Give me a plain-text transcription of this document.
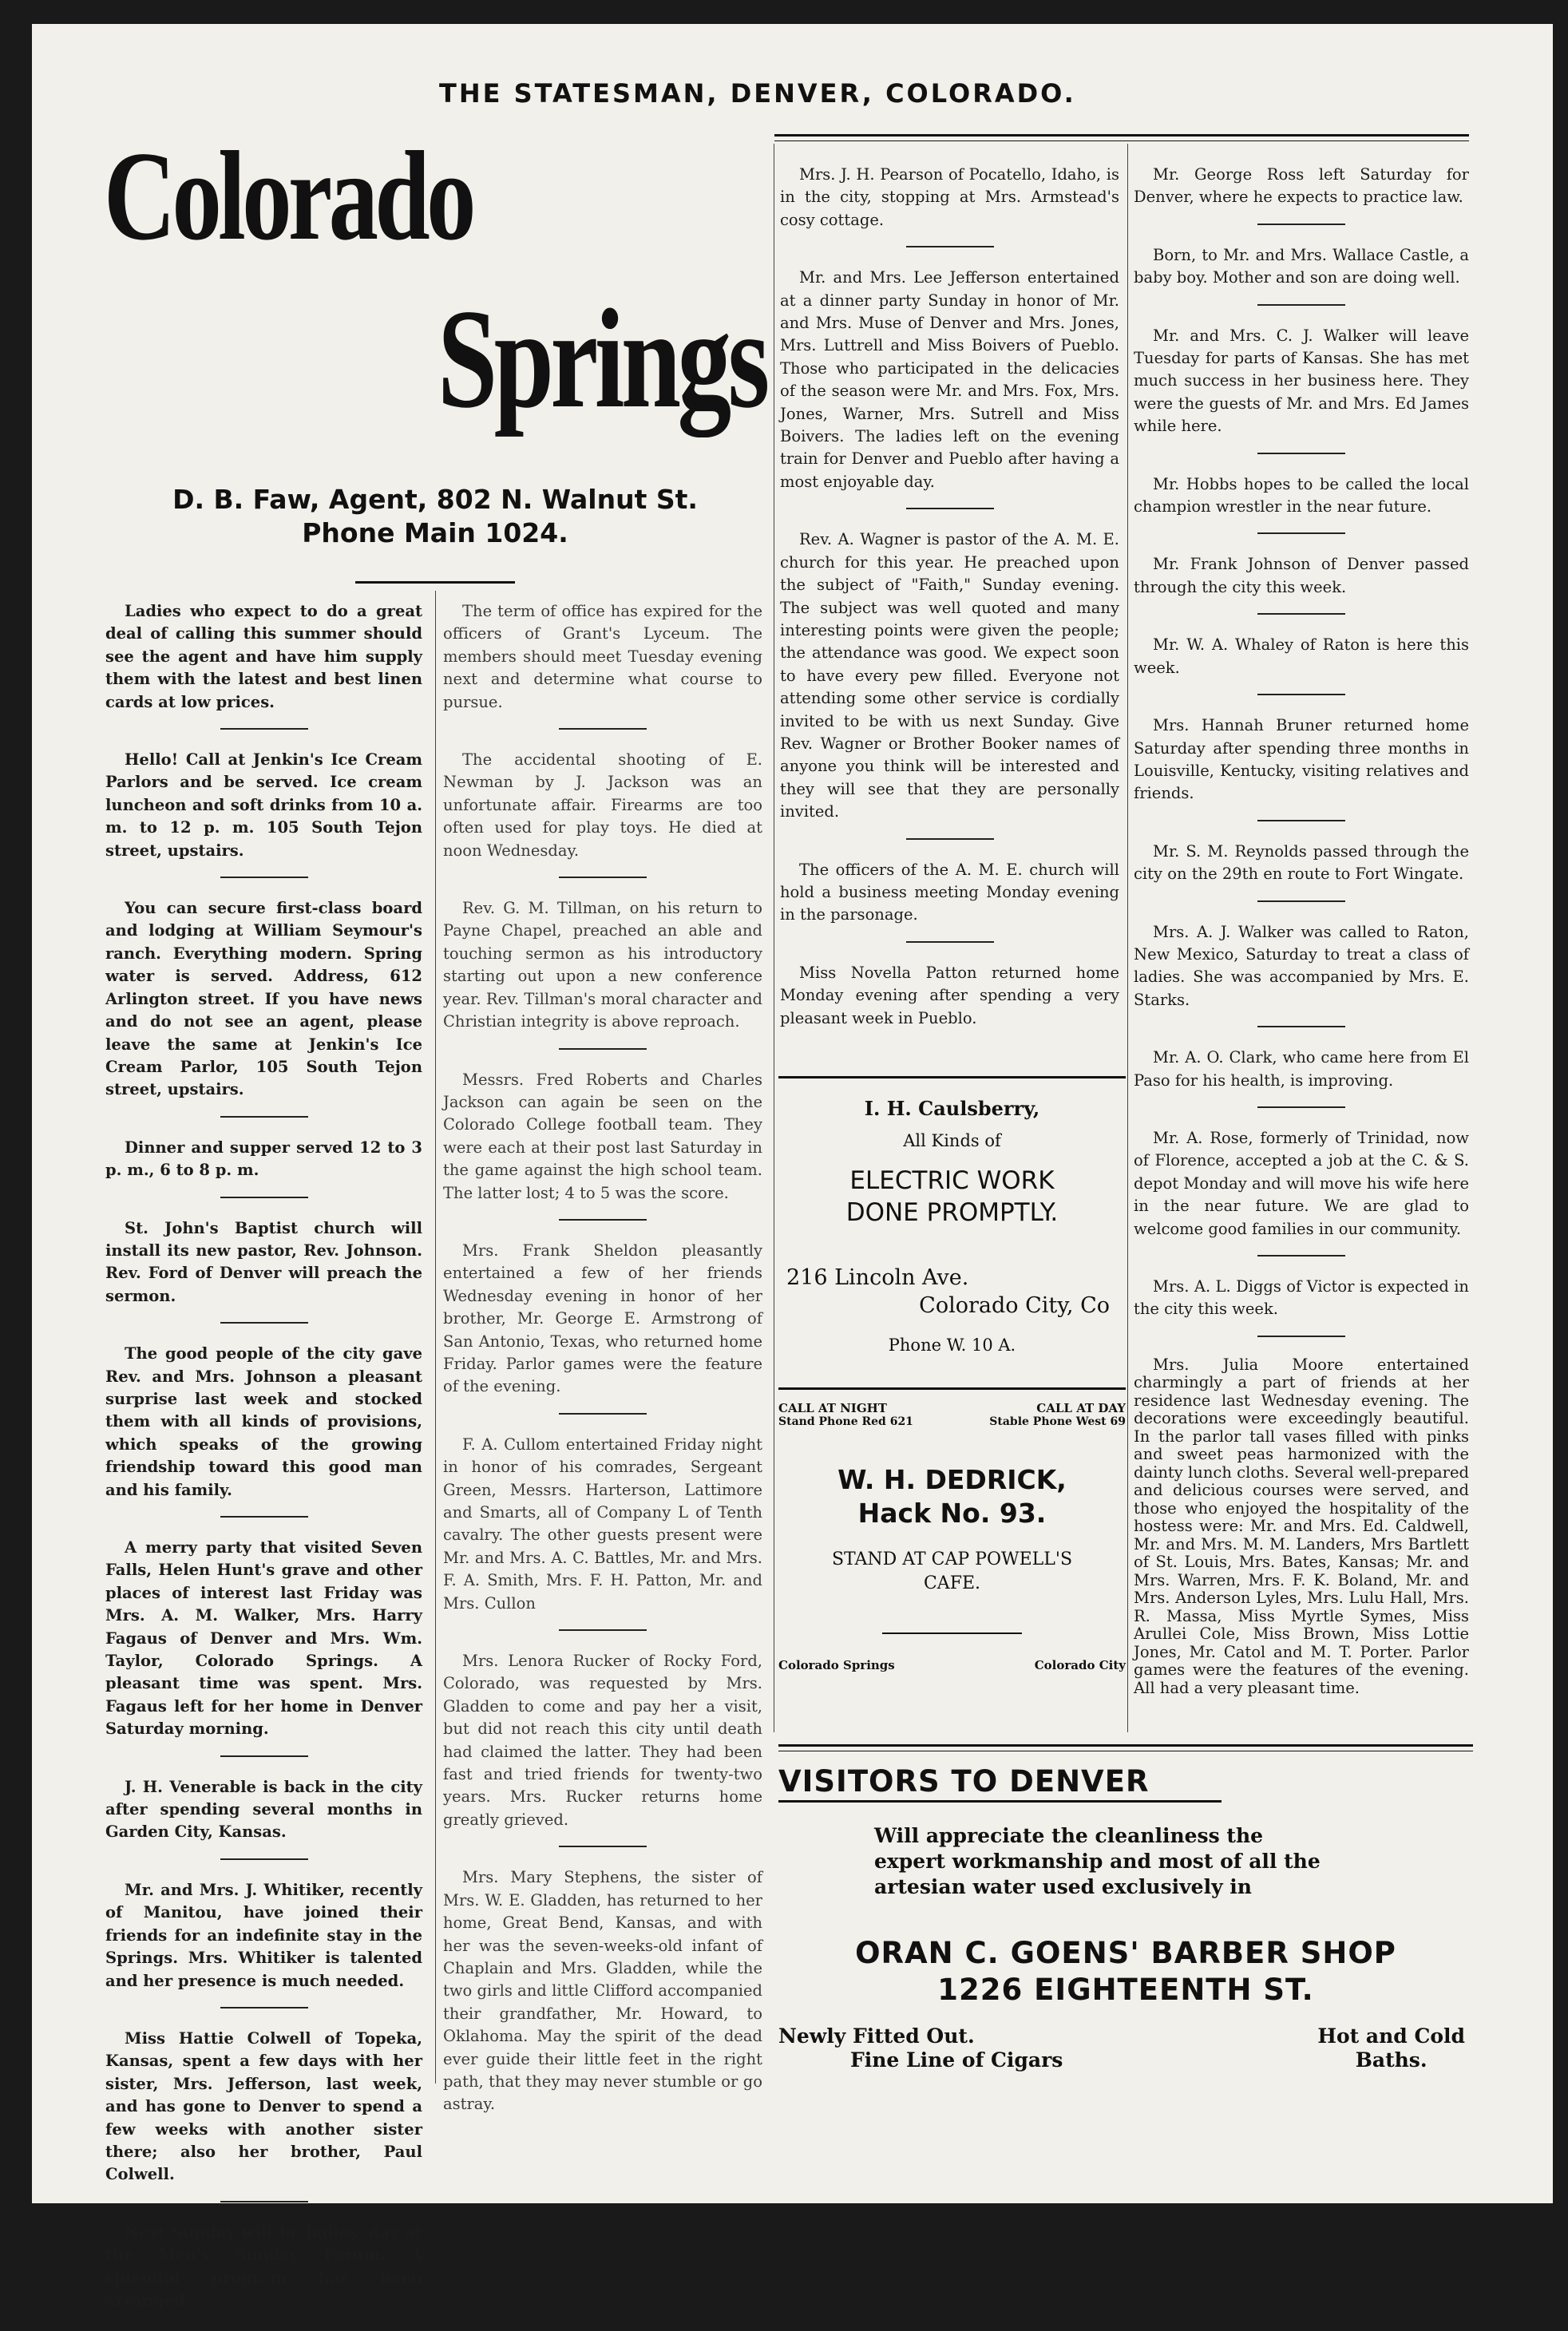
THE STATESMAN, DENVER, COLORADO.
Colorado
Springs
D. B. Faw, Agent, 802 N. Walnut St.
Phone Main 1024.

Ladies who expect to do a great deal of calling this summer should see the agent and have him supply them with the latest and best linen cards at low prices.

Hello! Call at Jenkin's Ice Cream Parlors and be served. Ice cream luncheon and soft drinks from 10 a. m. to 12 p. m. 105 South Tejon street, upstairs.

You can secure first-class board and lodging at William Seymour's ranch. Everything modern. Spring water is served. Address, 612 Arlington street. If you have news and do not see an agent, please leave the same at Jenkin's Ice Cream Parlor, 105 South Tejon street, upstairs.

Dinner and supper served 12 to 3 p. m., 6 to 8 p. m.

St. John's Baptist church will install its new pastor, Rev. Johnson. Rev. Ford of Denver will preach the sermon.

The good people of the city gave Rev. and Mrs. Johnson a pleasant surprise last week and stocked them with all kinds of provisions, which speaks of the growing friendship toward this good man and his family.

A merry party that visited Seven Falls, Helen Hunt's grave and other places of interest last Friday was Mrs. A. M. Walker, Mrs. Harry Fagaus of Denver and Mrs. Wm. Taylor, Colorado Springs. A pleasant time was spent. Mrs. Fagaus left for her home in Denver Saturday morning.

J. H. Venerable is back in the city after spending several months in Garden City, Kansas.

Mr. and Mrs. J. Whitiker, recently of Manitou, have joined their friends for an indefinite stay in the Springs. Mrs. Whitiker is talented and her presence is much needed.

Miss Hattie Colwell of Topeka, Kansas, spent a few days with her sister, Mrs. Jefferson, last week, and has gone to Denver to spend a few weeks with another sister there; also her brother, Paul Colwell.

Next Sunday will be ladies' day at the Men's Sunday Forum. A splendid program has been arranged.

The term of office has expired for the officers of Grant's Lyceum. The members should meet Tuesday evening next and determine what course to pursue.

The accidental shooting of E. Newman by J. Jackson was an unfortunate affair. Firearms are too often used for play toys. He died at noon Wednesday.

Rev. G. M. Tillman, on his return to Payne Chapel, preached an able and touching sermon as his introductory starting out upon a new conference year. Rev. Tillman's moral character and Christian integrity is above reproach.

Messrs. Fred Roberts and Charles Jackson can again be seen on the Colorado College football team. They were each at their post last Saturday in the game against the high school team. The latter lost; 4 to 5 was the score.

Mrs. Frank Sheldon pleasantly entertained a few of her friends Wednesday evening in honor of her brother, Mr. George E. Armstrong of San Antonio, Texas, who returned home Friday. Parlor games were the feature of the evening.

F. A. Cullom entertained Friday night in honor of his comrades, Sergeant Green, Messrs. Harterson, Lattimore and Smarts, all of Company L of Tenth cavalry. The other guests present were Mr. and Mrs. A. C. Battles, Mr. and Mrs. F. A. Smith, Mrs. F. H. Patton, Mr. and Mrs. Cullon

Mrs. Lenora Rucker of Rocky Ford, Colorado, was requested by Mrs. Gladden to come and pay her a visit, but did not reach this city until death had claimed the latter. They had been fast and tried friends for twenty-two years. Mrs. Rucker returns home greatly grieved.

Mrs. Mary Stephens, the sister of Mrs. W. E. Gladden, has returned to her home, Great Bend, Kansas, and with her was the seven-weeks-old infant of Chaplain and Mrs. Gladden, while the two girls and little Clifford accompanied their grandfather, Mr. Howard, to Oklahoma. May the spirit of the dead ever guide their little feet in the right path, that they may never stumble or go astray.

Mrs. J. H. Pearson of Pocatello, Idaho, is in the city, stopping at Mrs. Armstead's cosy cottage.

Mr. and Mrs. Lee Jefferson entertained at a dinner party Sunday in honor of Mr. and Mrs. Muse of Denver and Mrs. Jones, Mrs. Luttrell and Miss Boivers of Pueblo. Those who participated in the delicacies of the season were Mr. and Mrs. Fox, Mrs. Jones, Warner, Mrs. Sutrell and Miss Boivers. The ladies left on the evening train for Denver and Pueblo after having a most enjoyable day.

Rev. A. Wagner is pastor of the A. M. E. church for this year. He preached upon the subject of "Faith," Sunday evening. The subject was well quoted and many interesting points were given the people; the attendance was good. We expect soon to have every pew filled. Everyone not attending some other service is cordially invited to be with us next Sunday. Give Rev. Wagner or Brother Booker names of anyone you think will be interested and they will see that they are personally invited.

The officers of the A. M. E. church will hold a business meeting Monday evening in the parsonage.

Miss Novella Patton returned home Monday evening after spending a very pleasant week in Pueblo.

I. H. Caulsberry,
All Kinds of
ELECTRIC WORK
DONE PROMPTLY.
216 Lincoln Ave.
Colorado City, Co
Phone W. 10 A.
CALL AT NIGHT	CALL AT DAY
Stand Phone Red 621	Stable Phone West 69
W. H. DEDRICK,
Hack No. 93.
STAND AT CAP POWELL'S
CAFE.
Colorado Springs	Colorado City

Mr. George Ross left Saturday for Denver, where he expects to practice law.

Born, to Mr. and Mrs. Wallace Castle, a baby boy. Mother and son are doing well.

Mr. and Mrs. C. J. Walker will leave Tuesday for parts of Kansas. She has met much success in her business here. They were the guests of Mr. and Mrs. Ed James while here.

Mr. Hobbs hopes to be called the local champion wrestler in the near future.

Mr. Frank Johnson of Denver passed through the city this week.

Mr. W. A. Whaley of Raton is here this week.

Mrs. Hannah Bruner returned home Saturday after spending three months in Louisville, Kentucky, visiting relatives and friends.

Mr. S. M. Reynolds passed through the city on the 29th en route to Fort Wingate.

Mrs. A. J. Walker was called to Raton, New Mexico, Saturday to treat a class of ladies. She was accompanied by Mrs. E. Starks.

Mr. A. O. Clark, who came here from El Paso for his health, is improving.

Mr. A. Rose, formerly of Trinidad, now of Florence, accepted a job at the C. & S. depot Monday and will move his wife here in the near future. We are glad to welcome good families in our community.

Mrs. A. L. Diggs of Victor is expected in the city this week.

Mrs. Julia Moore entertained charmingly a part of friends at her residence last Wednesday evening. The decorations were exceedingly beautiful. In the parlor tall vases filled with pinks and sweet peas harmonized with the dainty lunch cloths. Several well-prepared and delicious courses were served, and those who enjoyed the hospitality of the hostess were: Mr. and Mrs. Ed. Caldwell, Mr. and Mrs. M. M. Landers, Mrs Bartlett of St. Louis, Mrs. Bates, Kansas; Mr. and Mrs. Warren, Mrs. F. K. Boland, Mr. and Mrs. Anderson Lyles, Mrs. Lulu Hall, Mrs. R. Massa, Miss Myrtle Symes, Miss Arullei Cole, Miss Brown, Miss Lottie Jones, Mr. Catol and M. T. Porter. Parlor games were the features of the evening. All had a very pleasant time.

VISITORS TO DENVER
Will appreciate the cleanliness the expert workmanship and most of all the artesian water used exclusively in
ORAN C. GOENS' BARBER SHOP
1226 EIGHTEENTH ST.
Newly Fitted Out.
Fine Line of Cigars
Hot and Cold
Baths.
